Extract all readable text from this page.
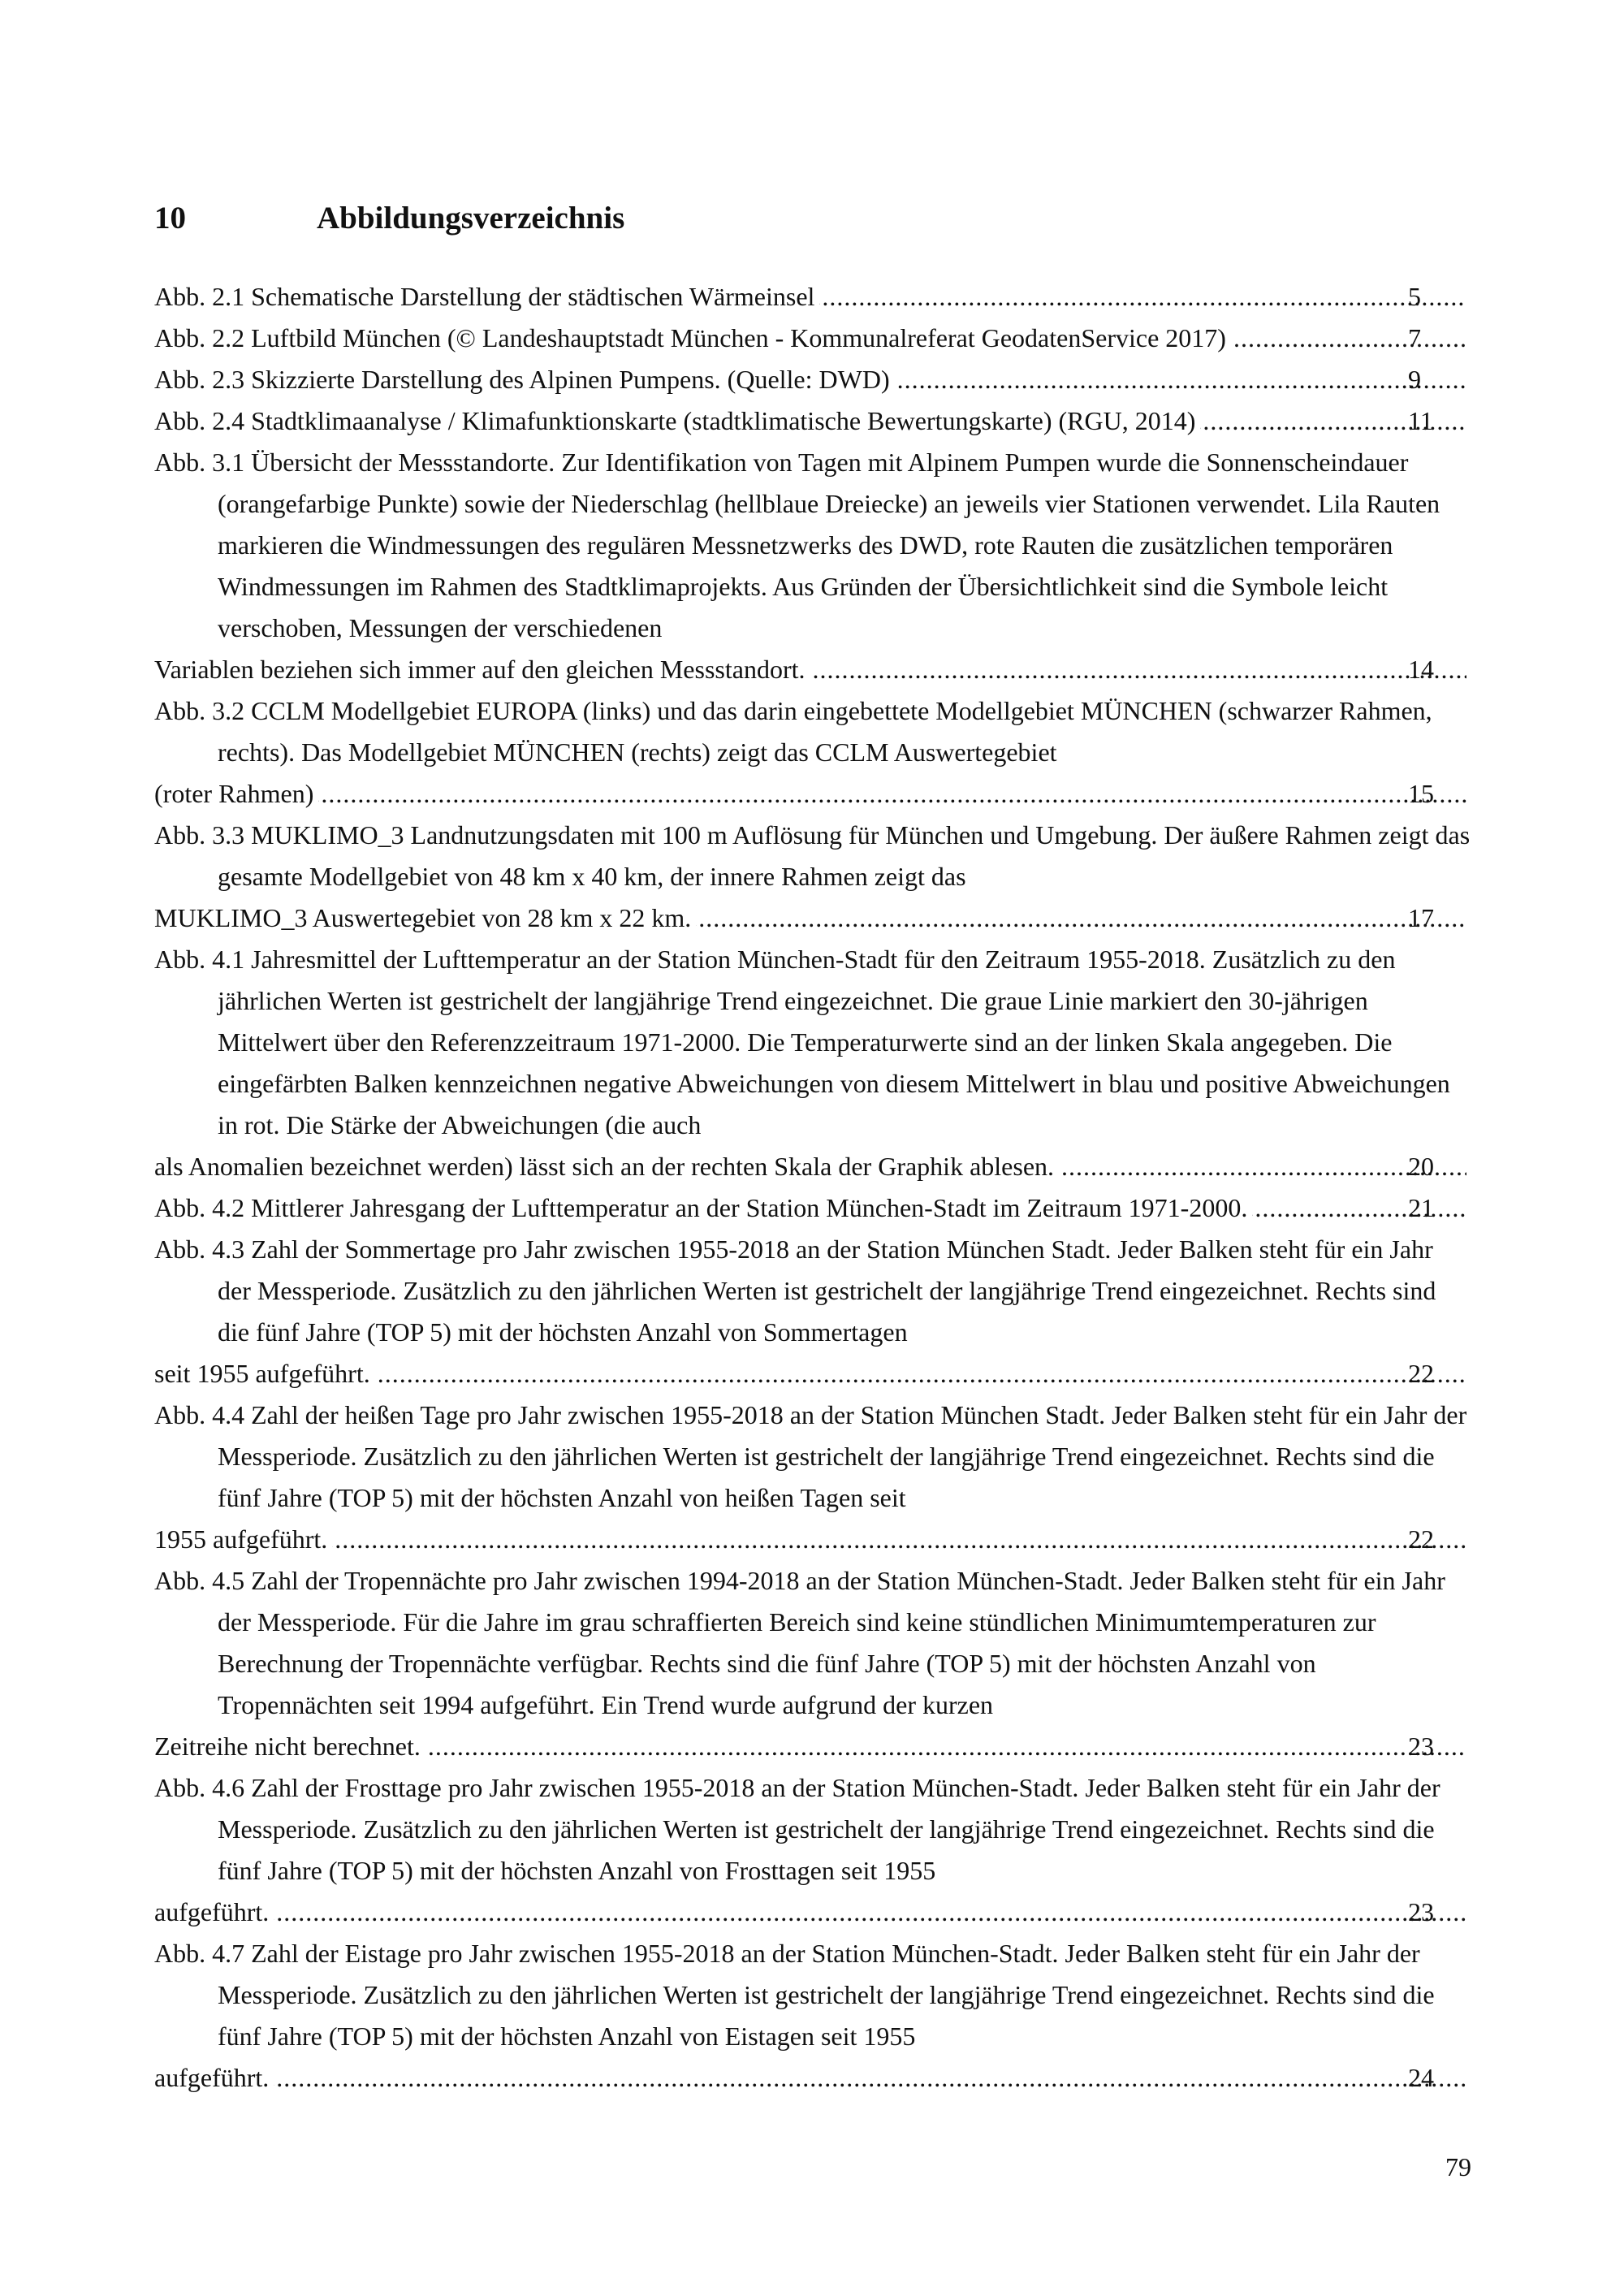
10	Abbildungsverzeichnis
Abb. 2.1 Schematische Darstellung der städtischen Wärmeinsel .....	5
Abb. 2.2 Luftbild München (© Landeshauptstadt München - Kommunalreferat GeodatenService 2017) .....	7
Abb. 2.3 Skizzierte Darstellung des Alpinen Pumpens. (Quelle: DWD) .....	9
Abb. 2.4 Stadtklimaanalyse / Klimafunktionskarte (stadtklimatische Bewertungskarte) (RGU, 2014) .....	11
Abb. 3.1 Übersicht der Messstandorte. Zur Identifikation von Tagen mit Alpinem Pumpen wurde die Sonnenscheindauer (orangefarbige Punkte) sowie der Niederschlag (hellblaue Dreiecke) an jeweils vier Stationen verwendet. Lila Rauten markieren die Windmessungen des regulären Messnetzwerks des DWD, rote Rauten die zusätzlichen temporären Windmessungen im Rahmen des Stadtklimaprojekts. Aus Gründen der Übersichtlichkeit sind die Symbole leicht verschoben, Messungen der verschiedenen
Variablen beziehen sich immer auf den gleichen Messstandort. .....	14
Abb. 3.2 CCLM Modellgebiet EUROPA (links) und das darin eingebettete Modellgebiet MÜNCHEN (schwarzer Rahmen, rechts). Das Modellgebiet MÜNCHEN (rechts) zeigt das CCLM Auswertegebiet
(roter Rahmen) .....	15
Abb. 3.3 MUKLIMO_3 Landnutzungsdaten mit 100 m Auflösung für München und Umgebung. Der äußere Rahmen zeigt das gesamte Modellgebiet von 48 km x 40 km, der innere Rahmen zeigt das
MUKLIMO_3 Auswertegebiet von 28 km x 22 km. .....	17
Abb. 4.1 Jahresmittel der Lufttemperatur an der Station München-Stadt für den Zeitraum 1955-2018. Zusätzlich zu den jährlichen Werten ist gestrichelt der langjährige Trend eingezeichnet. Die graue Linie markiert den 30-jährigen Mittelwert über den Referenzzeitraum 1971-2000. Die Temperaturwerte sind an der linken Skala angegeben. Die eingefärbten Balken kennzeichnen negative Abweichungen von diesem Mittelwert in blau und positive Abweichungen in rot. Die Stärke der Abweichungen (die auch
als Anomalien bezeichnet werden) lässt sich an der rechten Skala der Graphik ablesen. .....	20
Abb. 4.2 Mittlerer Jahresgang der Lufttemperatur an der Station München-Stadt im Zeitraum 1971-2000. .....	21
Abb. 4.3 Zahl der Sommertage pro Jahr zwischen 1955-2018 an der Station München Stadt. Jeder Balken steht für ein Jahr der Messperiode. Zusätzlich zu den jährlichen Werten ist gestrichelt der langjährige Trend eingezeichnet. Rechts sind die fünf Jahre (TOP 5) mit der höchsten Anzahl von Sommertagen
seit 1955 aufgeführt. .....	22
Abb. 4.4 Zahl der heißen Tage pro Jahr zwischen 1955-2018 an der Station München Stadt. Jeder Balken steht für ein Jahr der Messperiode. Zusätzlich zu den jährlichen Werten ist gestrichelt der langjährige Trend eingezeichnet. Rechts sind die fünf Jahre (TOP 5) mit der höchsten Anzahl von heißen Tagen seit
1955 aufgeführt. .....	22
Abb. 4.5 Zahl der Tropennächte pro Jahr zwischen 1994-2018 an der Station München-Stadt. Jeder Balken steht für ein Jahr der Messperiode. Für die Jahre im grau schraffierten Bereich sind keine stündlichen Minimumtemperaturen zur Berechnung der Tropennächte verfügbar. Rechts sind die fünf Jahre (TOP 5) mit der höchsten Anzahl von Tropennächten seit 1994 aufgeführt. Ein Trend wurde aufgrund der kurzen
Zeitreihe nicht berechnet. .....	23
Abb. 4.6 Zahl der Frosttage pro Jahr zwischen 1955-2018 an der Station München-Stadt. Jeder Balken steht für ein Jahr der Messperiode. Zusätzlich zu den jährlichen Werten ist gestrichelt der langjährige Trend eingezeichnet. Rechts sind die fünf Jahre (TOP 5) mit der höchsten Anzahl von Frosttagen seit 1955
aufgeführt. .....	23
Abb. 4.7 Zahl der Eistage pro Jahr zwischen 1955-2018 an der Station München-Stadt. Jeder Balken steht für ein Jahr der Messperiode. Zusätzlich zu den jährlichen Werten ist gestrichelt der langjährige Trend eingezeichnet. Rechts sind die fünf Jahre (TOP 5) mit der höchsten Anzahl von Eistagen seit 1955
aufgeführt. .....	24
79
